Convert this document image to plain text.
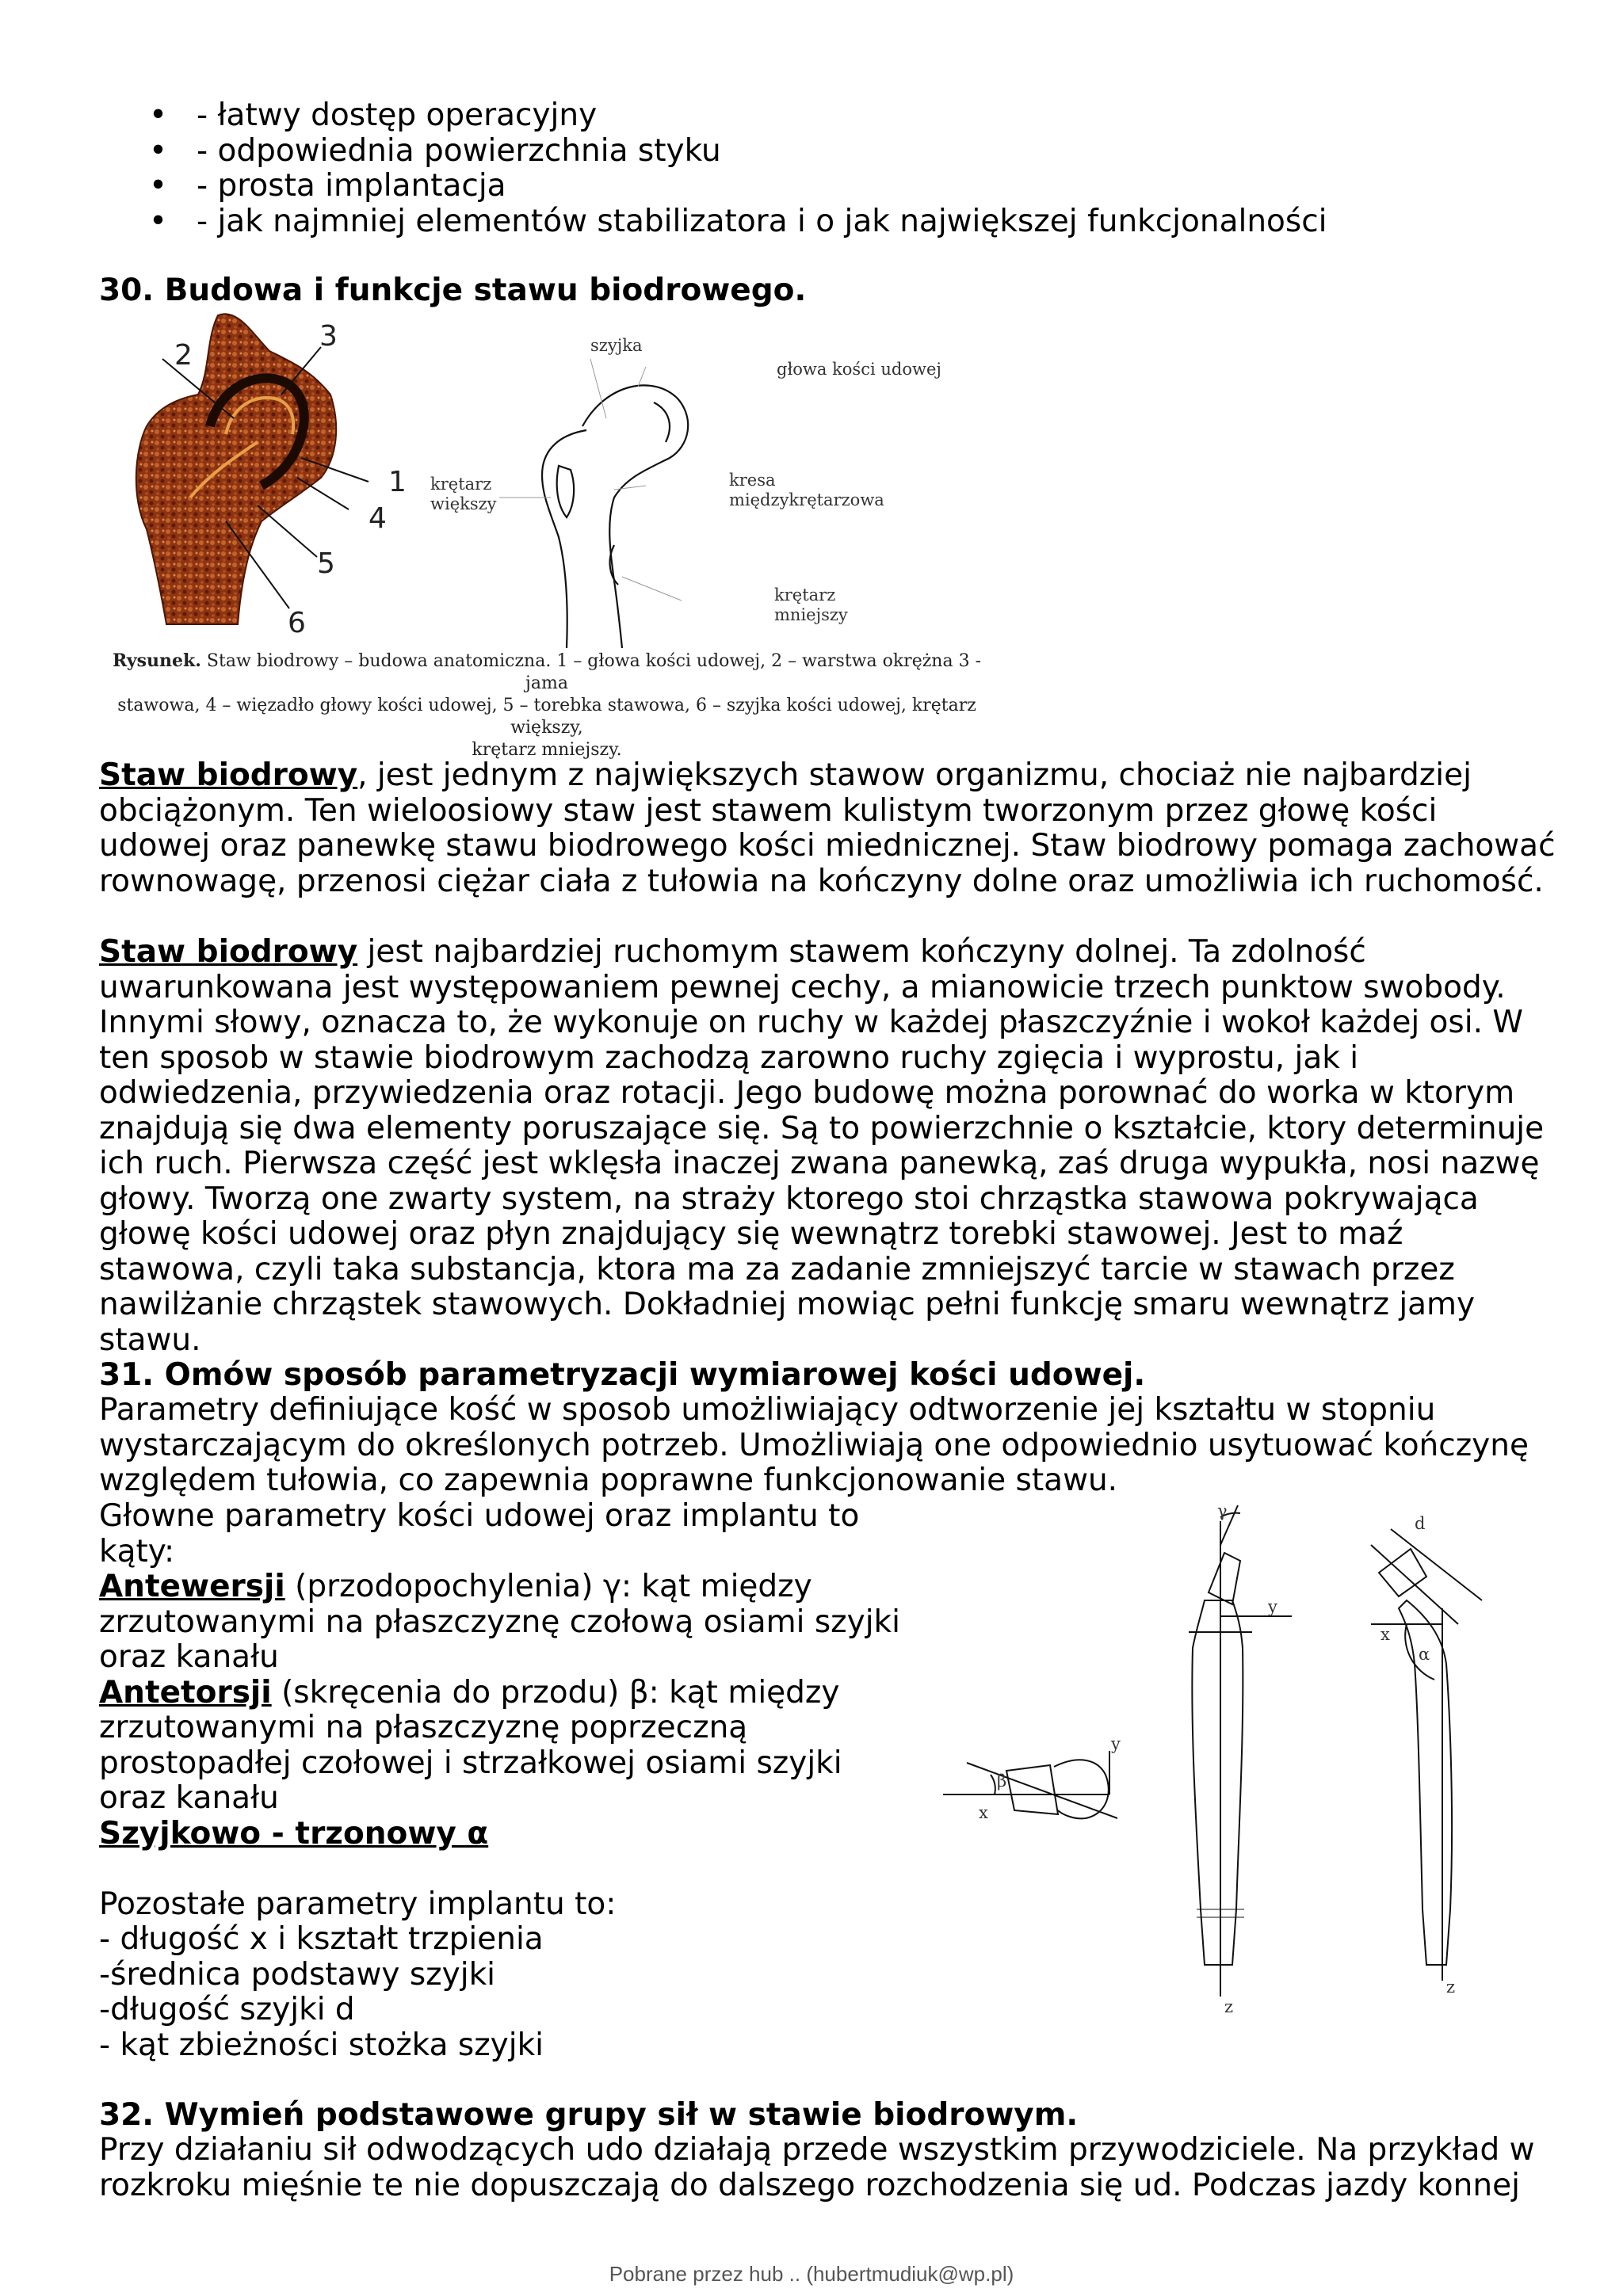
• - łatwy dostęp operacyjny
• - odpowiednia powierzchnia styku
• - prosta implantacja
• - jak najmniej elementów stabilizatora i o jak największej funkcjonalności
30. Budowa i funkcje stawu biodrowego.
2
3
1
4
5
6
szyjka
głowa kości udowej
krętarz
większy
kresa
międzykrętarzowa
krętarz
mniejszy
Rysunek. Staw biodrowy – budowa anatomiczna. 1 – głowa kości udowej, 2 – warstwa okrężna 3 - jama
stawowa, 4 – więzadło głowy kości udowej, 5 – torebka stawowa, 6 – szyjka kości udowej, krętarz większy,
krętarz mniejszy.

Staw biodrowy, jest jednym z największych stawow organizmu, chociaż nie najbardziej obciążonym. Ten wieloosiowy staw jest stawem kulistym tworzonym przez głowę kości udowej oraz panewkę stawu biodrowego kości miednicznej. Staw biodrowy pomaga zachować rownowagę, przenosi ciężar ciała z tułowia na kończyny dolne oraz umożliwia ich ruchomość.

Staw biodrowy jest najbardziej ruchomym stawem kończyny dolnej. Ta zdolność uwarunkowana jest występowaniem pewnej cechy, a mianowicie trzech punktow swobody. Innymi słowy, oznacza to, że wykonuje on ruchy w każdej płaszczyźnie i wokoł każdej osi. W ten sposob w stawie biodrowym zachodzą zarowno ruchy zgięcia i wyprostu, jak i odwiedzenia, przywiedzenia oraz rotacji. Jego budowę można porownać do worka w ktorym znajdują się dwa elementy poruszające się. Są to powierzchnie o kształcie, ktory determinuje ich ruch. Pierwsza część jest wklęsła inaczej zwana panewką, zaś druga wypukła, nosi nazwę głowy. Tworzą one zwarty system, na straży ktorego stoi chrząstka stawowa pokrywająca głowę kości udowej oraz płyn znajdujący się wewnątrz torebki stawowej. Jest to maź stawowa, czyli taka substancja, ktora ma za zadanie zmniejszyć tarcie w stawach przez nawilżanie chrząstek stawowych. Dokładniej mowiąc pełni funkcję smaru wewnątrz jamy stawu.

31. Omów sposób parametryzacji wymiarowej kości udowej.

Parametry definiujące kość w sposob umożliwiający odtworzenie jej kształtu w stopniu wystarczającym do określonych potrzeb. Umożliwiają one odpowiednio usytuować kończynę względem tułowia, co zapewnia poprawne funkcjonowanie stawu.

Głowne parametry kości udowej oraz implantu to
kąty:
Antewersji (przodopochylenia) γ: kąt między
zrzutowanymi na płaszczyznę czołową osiami szyjki
oraz kanału
Antetorsji (skręcenia do przodu) β: kąt między
zrzutowanymi na płaszczyznę poprzeczną
prostopadłej czołowej i strzałkowej osiami szyjki
oraz kanału
Szyjkowo - trzonowy α
Pozostałe parametry implantu to:
- długość x i kształt trzpienia
-średnica podstawy szyjki
-długość szyjki d
- kąt zbieżności stożka szyjki
γ
y
z
β
y
x
d
x
α
z
32. Wymień podstawowe grupy sił w stawie biodrowym.

Przy działaniu sił odwodzących udo działają przede wszystkim przywodziciele. Na przykład w rozkroku mięśnie te nie dopuszczają do dalszego rozchodzenia się ud. Podczas jazdy konnej

Pobrane przez hub .. (hubertmudiuk@wp.pl)
